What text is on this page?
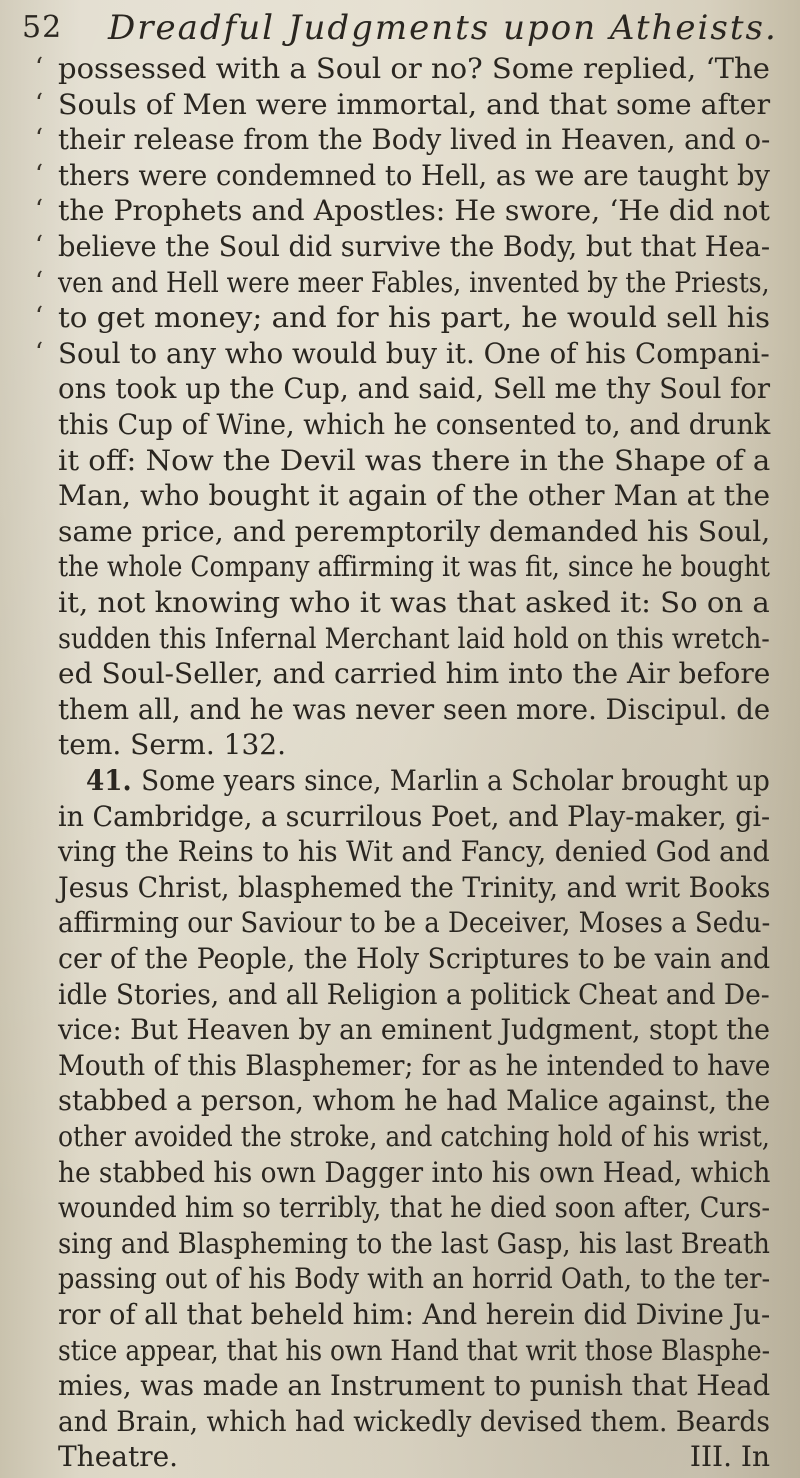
52 Dreadful Judgments upon Atheists.
‘ possessed with a Soul or no? Some replied, ‘The
‘ Souls of Men were immortal, and that some after
‘ their release from the Body lived in Heaven, and o-
‘ thers were condemned to Hell, as we are taught by
‘ the Prophets and Apostles: He swore, ‘He did not
‘ believe the Soul did survive the Body, but that Hea-
‘ ven and Hell were meer Fables, invented by the Priests,
‘ to get money; and for his part, he would sell his
‘ Soul to any who would buy it. One of his Compani-
ons took up the Cup, and said, Sell me thy Soul for
this Cup of Wine, which he consented to, and drunk
it off: Now the Devil was there in the Shape of a
Man, who bought it again of the other Man at the
same price, and peremptorily demanded his Soul,
the whole Company affirming it was fit, since he bought
it, not knowing who it was that asked it: So on a
sudden this Infernal Merchant laid hold on this wretch-
ed Soul-Seller, and carried him into the Air before
them all, and he was never seen more. Discipul. de
tem. Serm. 132.
41.Some years since, Marlin a Scholar brought up
in Cambridge, a scurrilous Poet, and Play-maker, gi-
ving the Reins to his Wit and Fancy, denied God and
Jesus Christ, blasphemed the Trinity, and writ Books
affirming our Saviour to be a Deceiver, Moses a Sedu-
cer of the People, the Holy Scriptures to be vain and
idle Stories, and all Religion a politick Cheat and De-
vice: But Heaven by an eminent Judgment, stopt the
Mouth of this Blasphemer; for as he intended to have
stabbed a person, whom he had Malice against, the
other avoided the stroke, and catching hold of his wrist,
he stabbed his own Dagger into his own Head, which
wounded him so terribly, that he died soon after, Curs-
sing and Blaspheming to the last Gasp, his last Breath
passing out of his Body with an horrid Oath, to the ter-
ror of all that beheld him: And herein did Divine Ju-
stice appear, that his own Hand that writ those Blasphe-
mies, was made an Instrument to punish that Head
and Brain, which had wickedly devised them. Beards
Theatre.	III. In
